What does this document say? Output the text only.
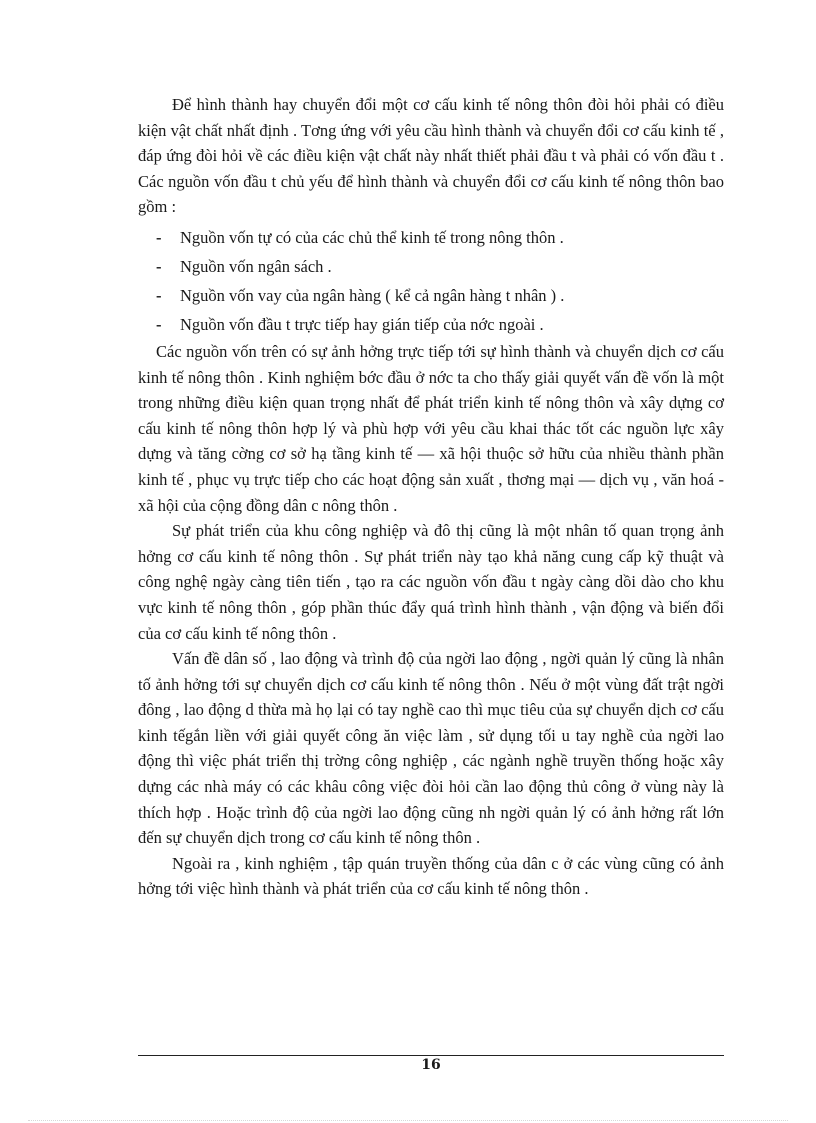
Để hình thành hay chuyển đổi một cơ cấu kinh tế nông thôn đòi hỏi phải có điều kiện vật chất nhất định . Tơng ứng với yêu cầu hình thành và chuyển đổi cơ cấu kinh tế , đáp ứng đòi hỏi về các điều kiện vật chất này nhất thiết phải đầu t và phải có vốn đầu t . Các nguồn vốn đầu t chủ yếu để hình thành và chuyển đổi cơ cấu kinh tế nông thôn bao gồm :

- Nguồn vốn tự có của các chủ thể kinh tế trong nông thôn .
- Nguồn vốn ngân sách .
- Nguồn vốn vay của ngân hàng ( kể cả ngân hàng t nhân ) .
- Nguồn vốn đầu t trực tiếp hay gián tiếp của nớc ngoài .

Các nguồn vốn trên có sự ảnh hởng trực tiếp tới sự hình thành và chuyển dịch cơ cấu kinh tế nông thôn . Kinh nghiệm bớc đầu ở nớc ta cho thấy giải quyết vấn đề vốn là một trong những điều kiện quan trọng nhất để phát triển kinh tế nông thôn và xây dựng cơ cấu kinh tế nông thôn hợp lý và phù hợp với yêu cầu khai thác tốt các nguồn lực xây dựng và tăng cờng cơ sở hạ tầng kinh tế — xã hội thuộc sở hữu của nhiều thành phần kinh tế , phục vụ trực tiếp cho các hoạt động sản xuất , thơng mại — dịch vụ , văn hoá - xã hội của cộng đồng dân c nông thôn .

Sự phát triển của khu công nghiệp và đô thị cũng là một nhân tố quan trọng ảnh hởng cơ cấu kinh tế nông thôn . Sự phát triển này tạo khả năng cung cấp kỹ thuật và công nghệ ngày càng tiên tiến , tạo ra các nguồn vốn đầu t ngày càng dồi dào cho khu vực kinh tế nông thôn , góp phần thúc đẩy quá trình hình thành , vận động và biến đổi của cơ cấu kinh tế nông thôn .

Vấn đề dân số , lao động và trình độ của ngời lao động , ngời quản lý cũng là nhân tố ảnh hởng tới sự chuyển dịch cơ cấu kinh tế nông thôn . Nếu ở một vùng đất trật ngời đông , lao động d thừa mà họ lại có tay nghề cao thì mục tiêu của sự chuyển dịch cơ cấu kinh tếgắn liền với giải quyết công ăn việc làm , sử dụng tối u tay nghề của ngời lao động thì việc phát triển thị trờng công nghiệp , các ngành nghề truyền thống hoặc xây dựng các nhà máy có các khâu công việc đòi hỏi cần lao động thủ công ở vùng này là thích hợp . Hoặc trình độ của ngời lao động cũng nh ngời quản lý có ảnh hởng rất lớn đến sự chuyển dịch trong cơ cấu kinh tế nông thôn .

Ngoài ra , kinh nghiệm , tập quán truyền thống của dân c ở các vùng cũng có ảnh hởng tới việc hình thành và phát triển của cơ cấu kinh tế nông thôn .

16
